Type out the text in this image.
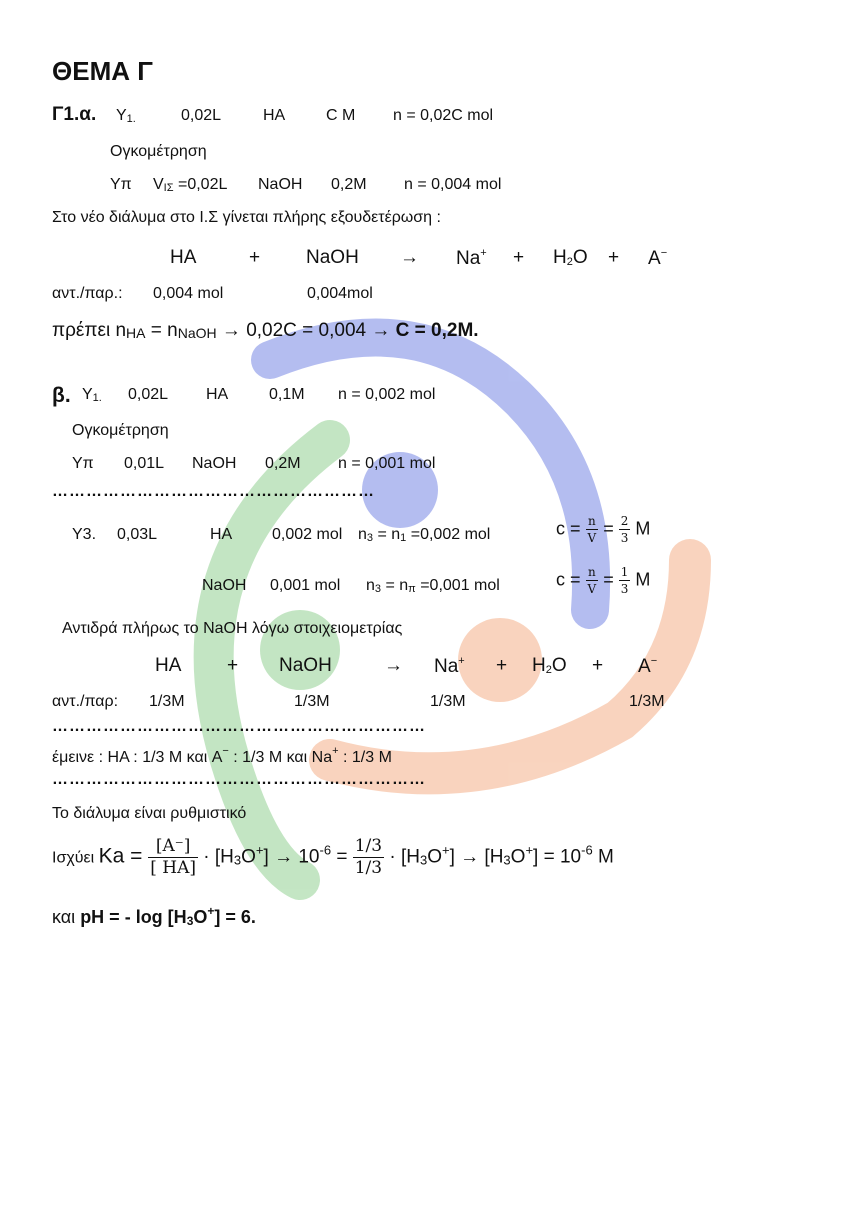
ΘΕΜΑ Γ
Γ1.α. Υ1.	0,02L	HA	C M n = 0,02C mol
Ογκομέτρηση
Υπ VΙΣ =0,02L NaOH 0,2M n = 0,004 mol
Στο νέο διάλυμα στο Ι.Σ γίνεται πλήρης εξουδετέρωση :
HA	+ NaOH → Na+ + H2O + A−
αντ./παρ.: 0,004 mol	0,004mol
πρέπει nHA = nNaOH → 0,02C = 0,004 → C = 0,2M.
β. Υ1. 0,02L HA	0,1M n = 0,002 mol
Ογκομέτρηση
Υπ 0,01L NaOH 0,2M n = 0,001 mol
…………………………………………………
Υ3. 0,03L	HA 0,002 mol n3 = n1 =0,002 mol	$c = \frac{n}{V} = \frac{2}{3}$ M
NaOH 0,001 mol n3 = nπ =0,001 mol	$c = \frac{n}{V} = \frac{1}{3}$ M
Αντιδρά πλήρως το NaOH λόγω στοιχειομετρίας
HA + NaOH	→ Na+ + H2O + A−
αντ./παρ: 1/3M	1/3M	1/3M	1/3M
…………………………………………………………
έμεινε : HA : 1/3 M και A− : 1/3 M και Na+ : 1/3 M
…………………………………………………………
Το διάλυμα είναι ρυθμιστικό
Ισχύει $Ka = \frac{[A^-]}{[ HA]} \cdot [H3O^+] \to 10^{-6} = \frac{1/3}{1/3} \cdot [H3O^+] \to [H3O^+] = 10^{-6}$ M
και pH = - log [H3O+] = 6.
